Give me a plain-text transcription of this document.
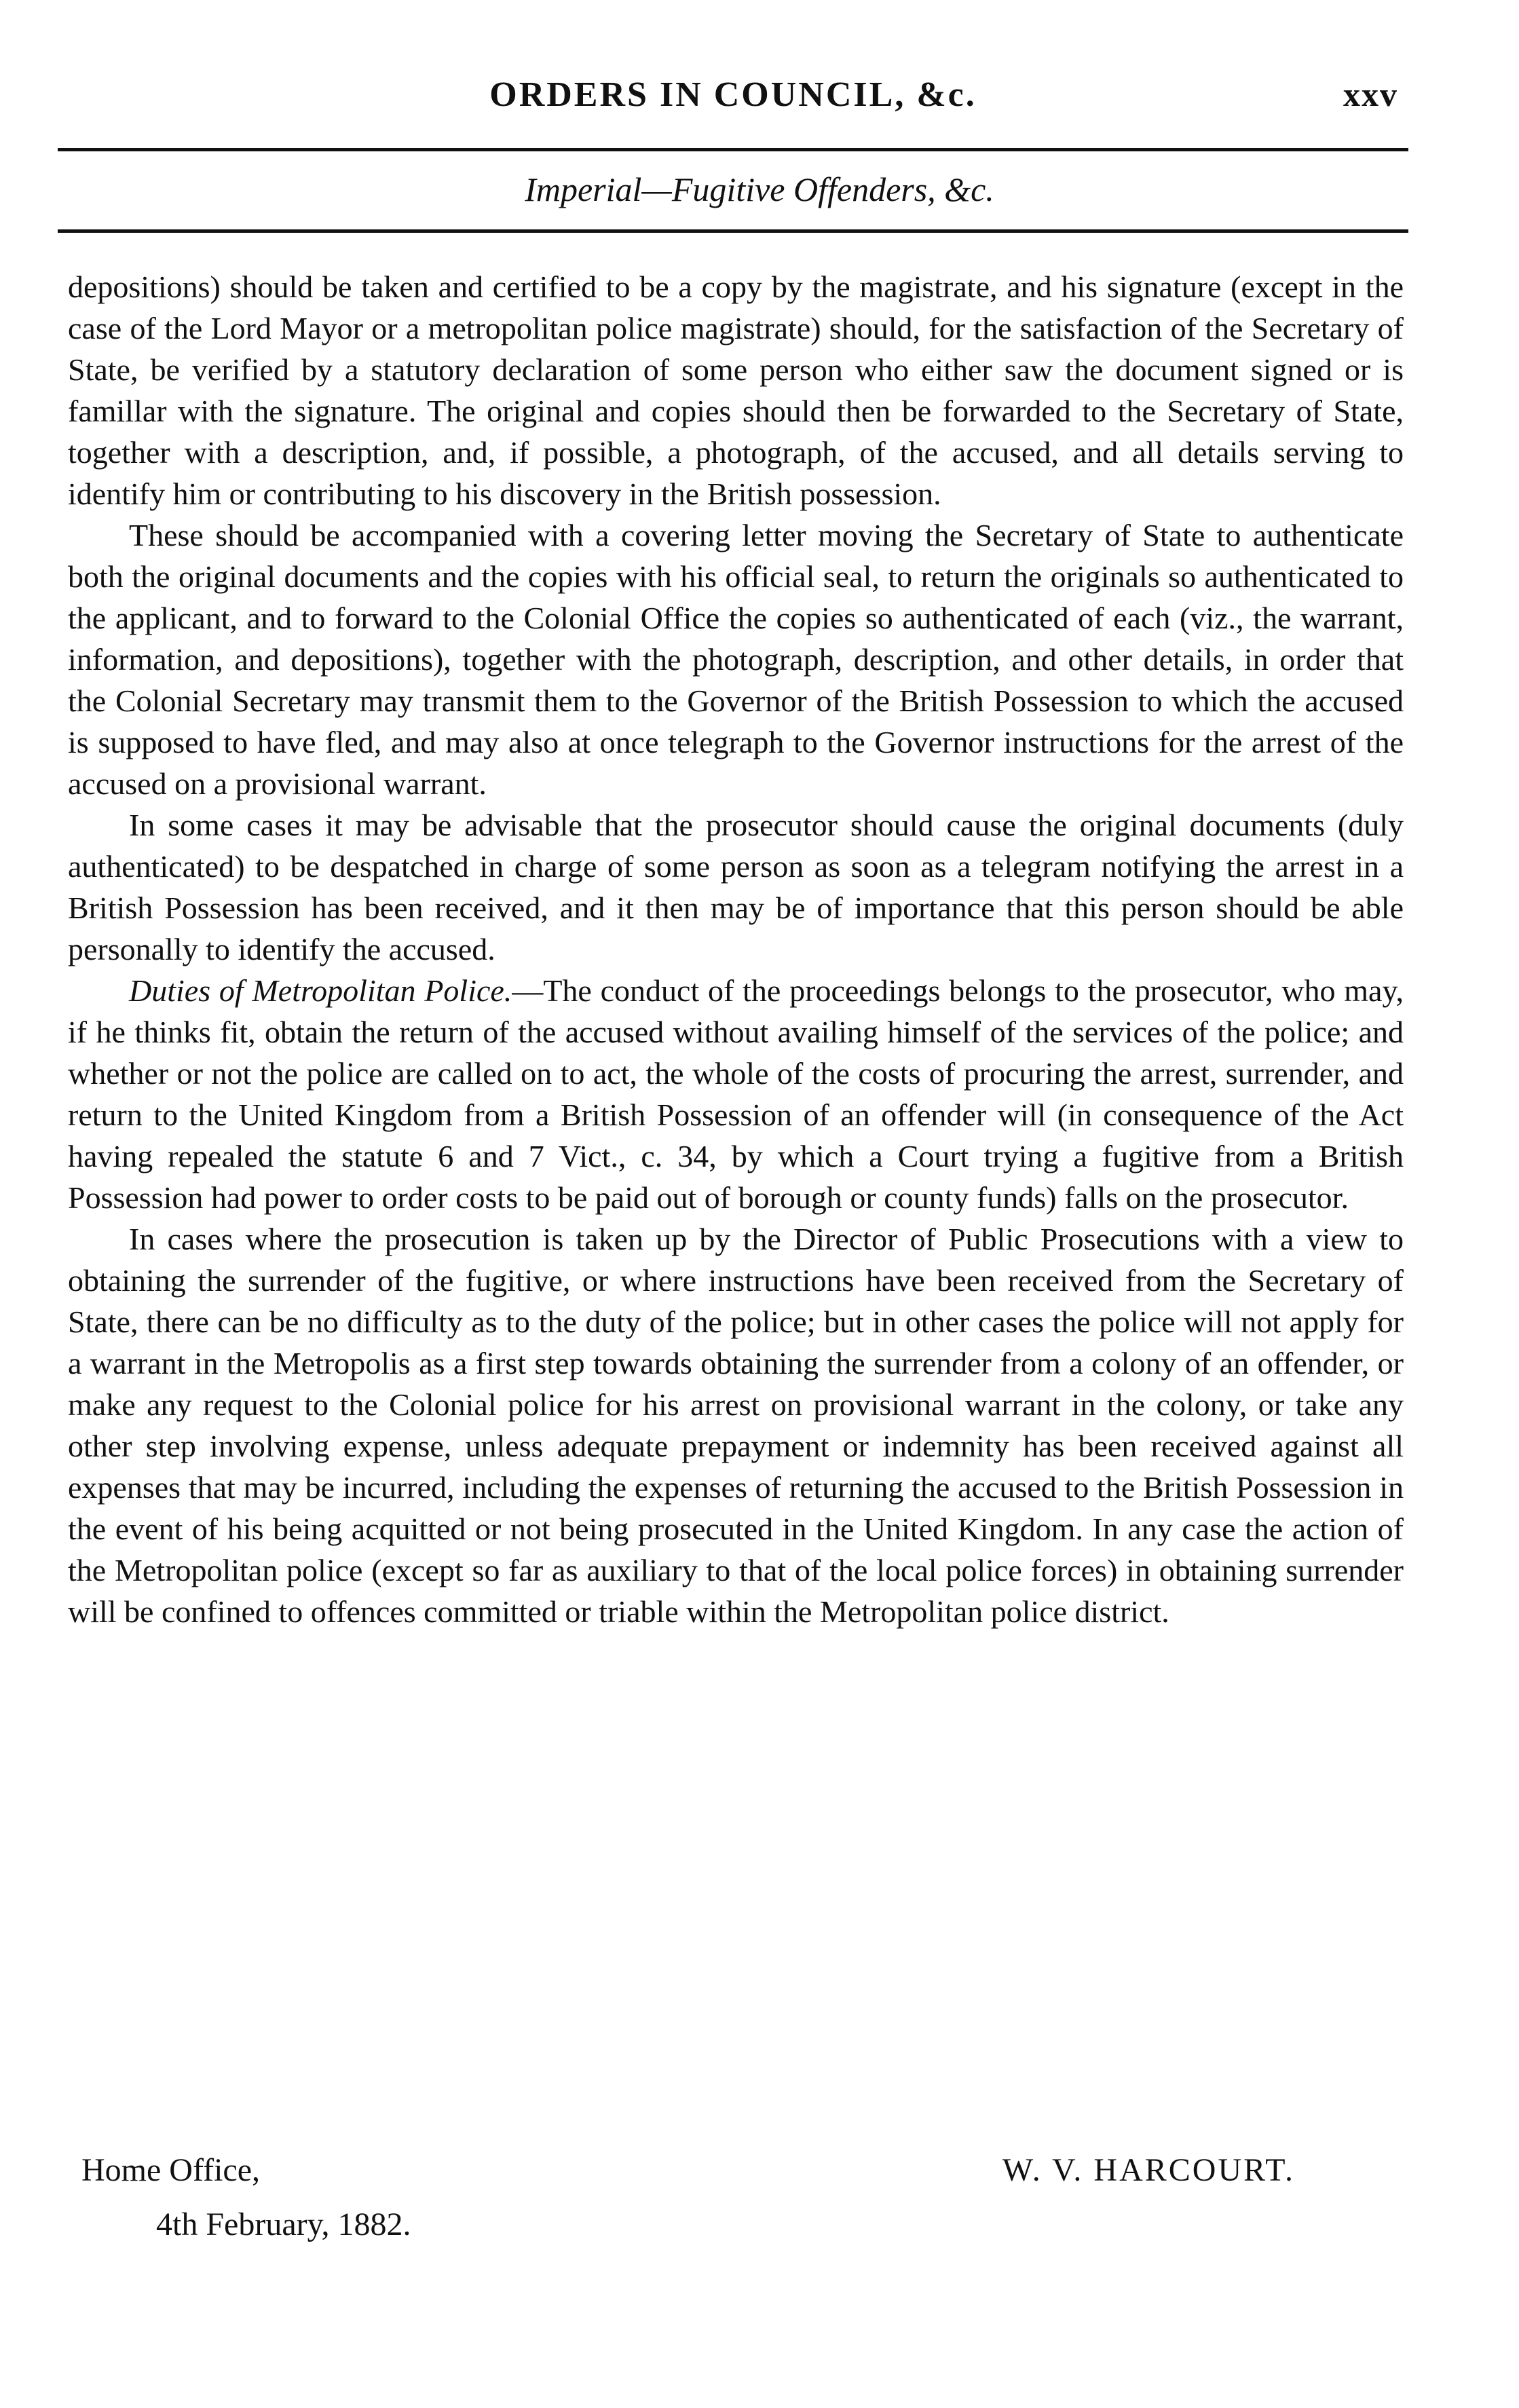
ORDERS IN COUNCIL, &c.	xxv
Imperial—Fugitive Offenders, &c.

depositions) should be taken and certified to be a copy by the magistrate, and his signature (except in the case of the Lord Mayor or a metropolitan police magistrate) should, for the satisfaction of the Secretary of State, be verified by a statutory declaration of some person who either saw the document signed or is famillar with the signature. The original and copies should then be forwarded to the Secretary of State, together with a description, and, if possible, a photograph, of the accused, and all details serving to identify him or contributing to his discovery in the British possession.

These should be accompanied with a covering letter moving the Secretary of State to authenticate both the original documents and the copies with his official seal, to return the originals so authenticated to the applicant, and to forward to the Colonial Office the copies so authenticated of each (viz., the warrant, information, and depositions), together with the photograph, description, and other details, in order that the Colonial Secretary may transmit them to the Governor of the British Possession to which the accused is supposed to have fled, and may also at once telegraph to the Governor instructions for the arrest of the accused on a provisional warrant.

In some cases it may be advisable that the prosecutor should cause the original documents (duly authenticated) to be despatched in charge of some person as soon as a telegram notifying the arrest in a British Possession has been received, and it then may be of importance that this person should be able personally to identify the accused.

Duties of Metropolitan Police.—The conduct of the proceedings belongs to the prosecutor, who may, if he thinks fit, obtain the return of the accused without availing himself of the services of the police; and whether or not the police are called on to act, the whole of the costs of procuring the arrest, surrender, and return to the United Kingdom from a British Possession of an offender will (in consequence of the Act having repealed the statute 6 and 7 Vict., c. 34, by which a Court trying a fugitive from a British Possession had power to order costs to be paid out of borough or county funds) falls on the prosecutor.

In cases where the prosecution is taken up by the Director of Public Prosecutions with a view to obtaining the surrender of the fugitive, or where instructions have been received from the Secretary of State, there can be no difficulty as to the duty of the police; but in other cases the police will not apply for a warrant in the Metropolis as a first step towards obtaining the surrender from a colony of an offender, or make any request to the Colonial police for his arrest on provisional warrant in the colony, or take any other step involving expense, unless adequate prepayment or indemnity has been received against all expenses that may be incurred, including the expenses of returning the accused to the British Possession in the event of his being acquitted or not being prosecuted in the United Kingdom. In any case the action of the Metropolitan police (except so far as auxiliary to that of the local police forces) in obtaining surrender will be confined to offences committed or triable within the Metropolitan police district.

Home Office,
4th February, 1882.
W. V. HARCOURT.
